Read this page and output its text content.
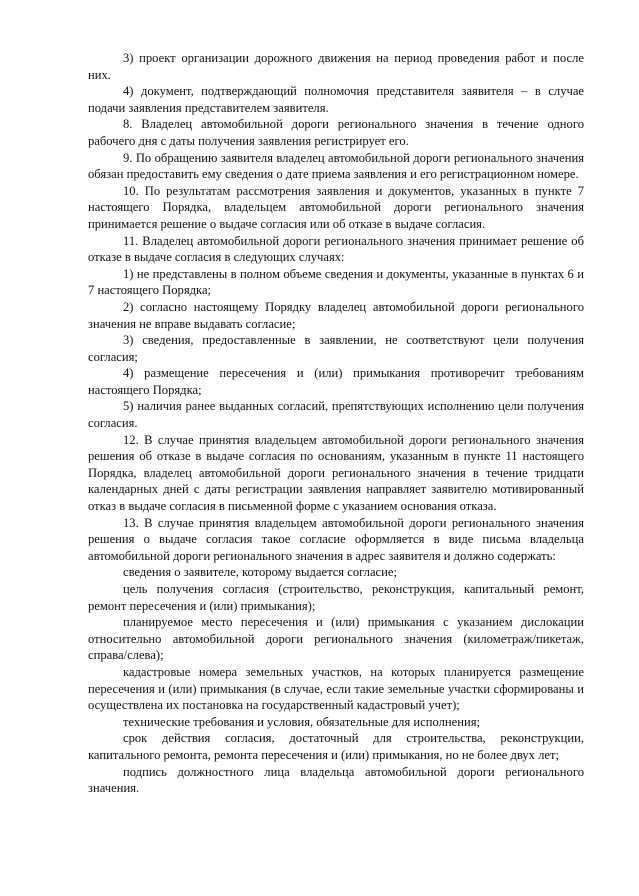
3) проект организации дорожного движения на период проведения работ и после них.

4) документ, подтверждающий полномочия представителя заявителя – в случае подачи заявления представителем заявителя.

8. Владелец автомобильной дороги регионального значения в течение одного рабочего дня с даты получения заявления регистрирует его.

9. По обращению заявителя владелец автомобильной дороги регионального значения обязан предоставить ему сведения о дате приема заявления и его регистрационном номере.

10. По результатам рассмотрения заявления и документов, указанных в пункте 7 настоящего Порядка, владельцем автомобильной дороги регионального значения принимается решение о выдаче согласия или об отказе в выдаче согласия.

11. Владелец автомобильной дороги регионального значения принимает решение об отказе в выдаче согласия в следующих случаях:

1) не представлены в полном объеме сведения и документы, указанные в пунктах 6 и 7 настоящего Порядка;

2) согласно настоящему Порядку владелец автомобильной дороги регионального значения не вправе выдавать согласие;

3) сведения, предоставленные в заявлении, не соответствуют цели получения согласия;

4) размещение пересечения и (или) примыкания противоречит требованиям настоящего Порядка;

5) наличия ранее выданных согласий, препятствующих исполнению цели получения согласия.

12. В случае принятия владельцем автомобильной дороги регионального значения решения об отказе в выдаче согласия по основаниям, указанным в пункте 11 настоящего Порядка, владелец автомобильной дороги регионального значения в течение тридцати календарных дней с даты регистрации заявления направляет заявителю мотивированный отказ в выдаче согласия в письменной форме с указанием основания отказа.

13. В случае принятия владельцем автомобильной дороги регионального значения решения о выдаче согласия такое согласие оформляется в виде письма владельца автомобильной дороги регионального значения в адрес заявителя и должно содержать:

сведения о заявителе, которому выдается согласие;

цель получения согласия (строительство, реконструкция, капитальный ремонт, ремонт пересечения и (или) примыкания);

планируемое место пересечения и (или) примыкания с указанием дислокации относительно автомобильной дороги регионального значения (километраж/пикетаж, справа/слева);

кадастровые номера земельных участков, на которых планируется размещение пересечения и (или) примыкания (в случае, если такие земельные участки сформированы и осуществлена их постановка на государственный кадастровый учет);

технические требования и условия, обязательные для исполнения;

срок действия согласия, достаточный для строительства, реконструкции, капитального ремонта, ремонта пересечения и (или) примыкания, но не более двух лет;

подпись должностного лица владельца автомобильной дороги регионального значения.
